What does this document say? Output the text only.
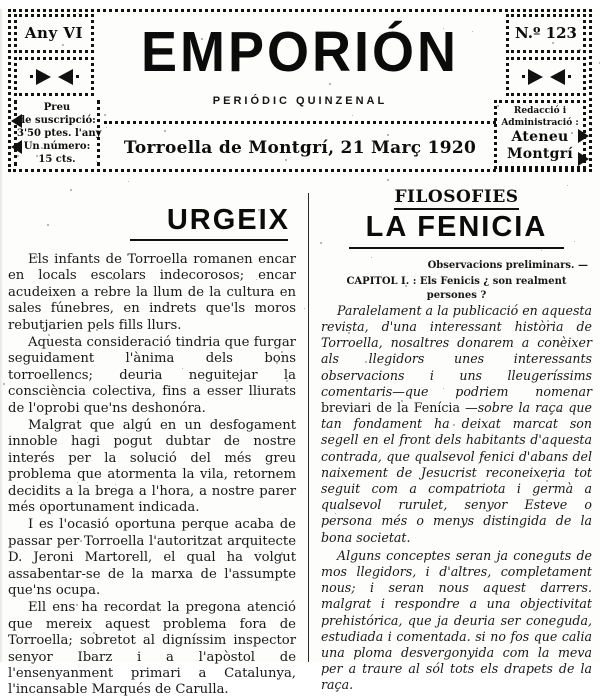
Any VI
Preu
de suscripció:
3'50 ptes. l'any
Un número:
15 cts.
EMPORIÓN
PERIÓDIC QUINZENAL
Torroella de Montgrí, 21 Març 1920
N.º 123
Redacció i
Administració :
Ateneu
Montgrí
URGEIX

Els infants de Torroella romanen encar en locals escolars indecorosos; encar acudeixen a rebre la llum de la cultura en sales fúnebres, en indrets que'ls moros rebutjarien pels fills llurs.

Aquesta consideració tindria que furgar seguidament l'ànima dels bons torroellencs; deuria neguitejar la consciència colectiva, fins a esser lliurats de l'oprobi que'ns deshonóra.

Malgrat que algú en un desfogament innoble hagi pogut dubtar de nostre interés per la solució del més greu problema que atormenta la vila, retornem decidits a la brega a l'hora, a nostre parer més oportunament indicada.

I es l'ocasió oportuna perque acaba de passar per Torroella l'autoritzat arquitecte D. Jeroni Martorell, el qual ha volgut assabentar-se de la marxa de l'assumpte que'ns ocupa.

Ell ens ha recordat la pregona atenció que mereix aquest problema fora de Torroella; sobretot al digníssim inspector senyor Ibarz i a l'apòstol de l'ensenyanment primari a Catalunya, l'incansable Marqués de Carulla.

FILOSOFIES
LA FENICIA
Observacions preliminars. —
CAPITOL I. : Els Fenicis ¿ son realment persones ?

Paralelament a la publicació en aquesta revista, d'una interessant història de Torroella, nosaltres donarem a conèixer als llegidors unes interessants observacions i uns lleugeríssims comentaris—que podriem nomenar breviari de la Fenícia —sobre la raça que tan fondament ha deixat marcat son segell en el front dels habitants d'aquesta contrada, que qualsevol fenici d'abans del naixement de Jesucrist reconeixeria tot seguit com a compatriota i germà a qualsevol rurulet, senyor Esteve o persona més o menys distingida de la bona societat.

Alguns conceptes seran ja coneguts de mos llegidors, i d'altres, completament nous; i seran nous aquest darrers. malgrat i respondre a una objectivitat prehistórica, que ja deuria ser coneguda, estudiada i comentada. si no fos que calia una ploma desvergonyida com la meva per a traure al sól tots els drapets de la raça.
